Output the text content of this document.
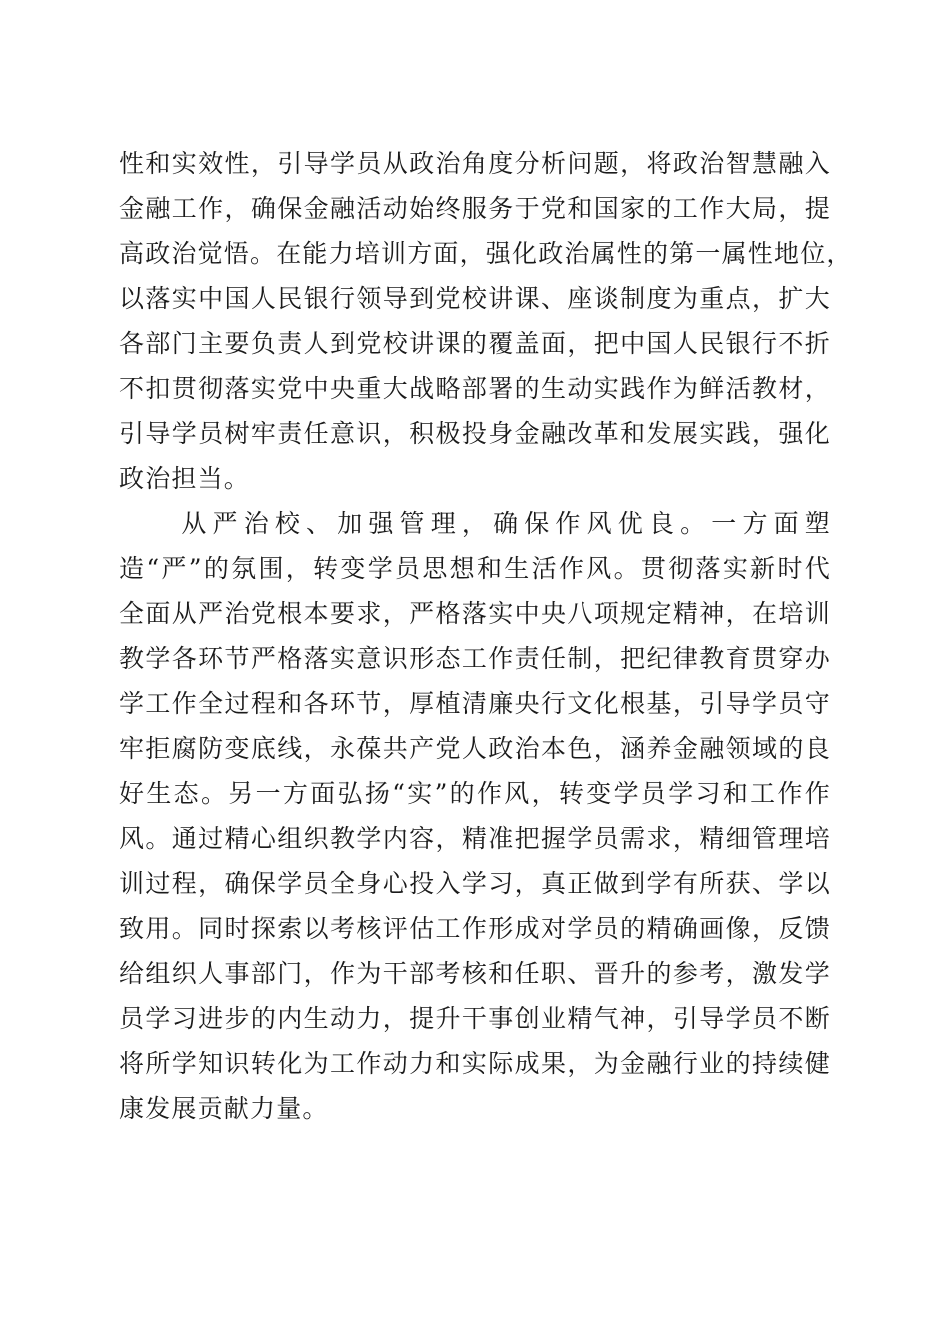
性和实效性，引导学员从政治角度分析问题，将政治智慧融入
金融工作，确保金融活动始终服务于党和国家的工作大局，提
高政治觉悟。在能力培训方面，强化政治属性的第一属性地位，
以落实中国人民银行领导到党校讲课、座谈制度为重点，扩大
各部门主要负责人到党校讲课的覆盖面，把中国人民银行不折
不扣贯彻落实党中央重大战略部署的生动实践作为鲜活教材，
引导学员树牢责任意识，积极投身金融改革和发展实践，强化
政治担当。
　　从严治校、加强管理，确保作风优良。一方面塑
造“严”的氛围，转变学员思想和生活作风。贯彻落实新时代
全面从严治党根本要求，严格落实中央八项规定精神，在培训
教学各环节严格落实意识形态工作责任制，把纪律教育贯穿办
学工作全过程和各环节，厚植清廉央行文化根基，引导学员守
牢拒腐防变底线，永葆共产党人政治本色，涵养金融领域的良
好生态。另一方面弘扬“实”的作风，转变学员学习和工作作
风。通过精心组织教学内容，精准把握学员需求，精细管理培
训过程，确保学员全身心投入学习，真正做到学有所获、学以
致用。同时探索以考核评估工作形成对学员的精确画像，反馈
给组织人事部门，作为干部考核和任职、晋升的参考，激发学
员学习进步的内生动力，提升干事创业精气神，引导学员不断
将所学知识转化为工作动力和实际成果，为金融行业的持续健
康发展贡献力量。
